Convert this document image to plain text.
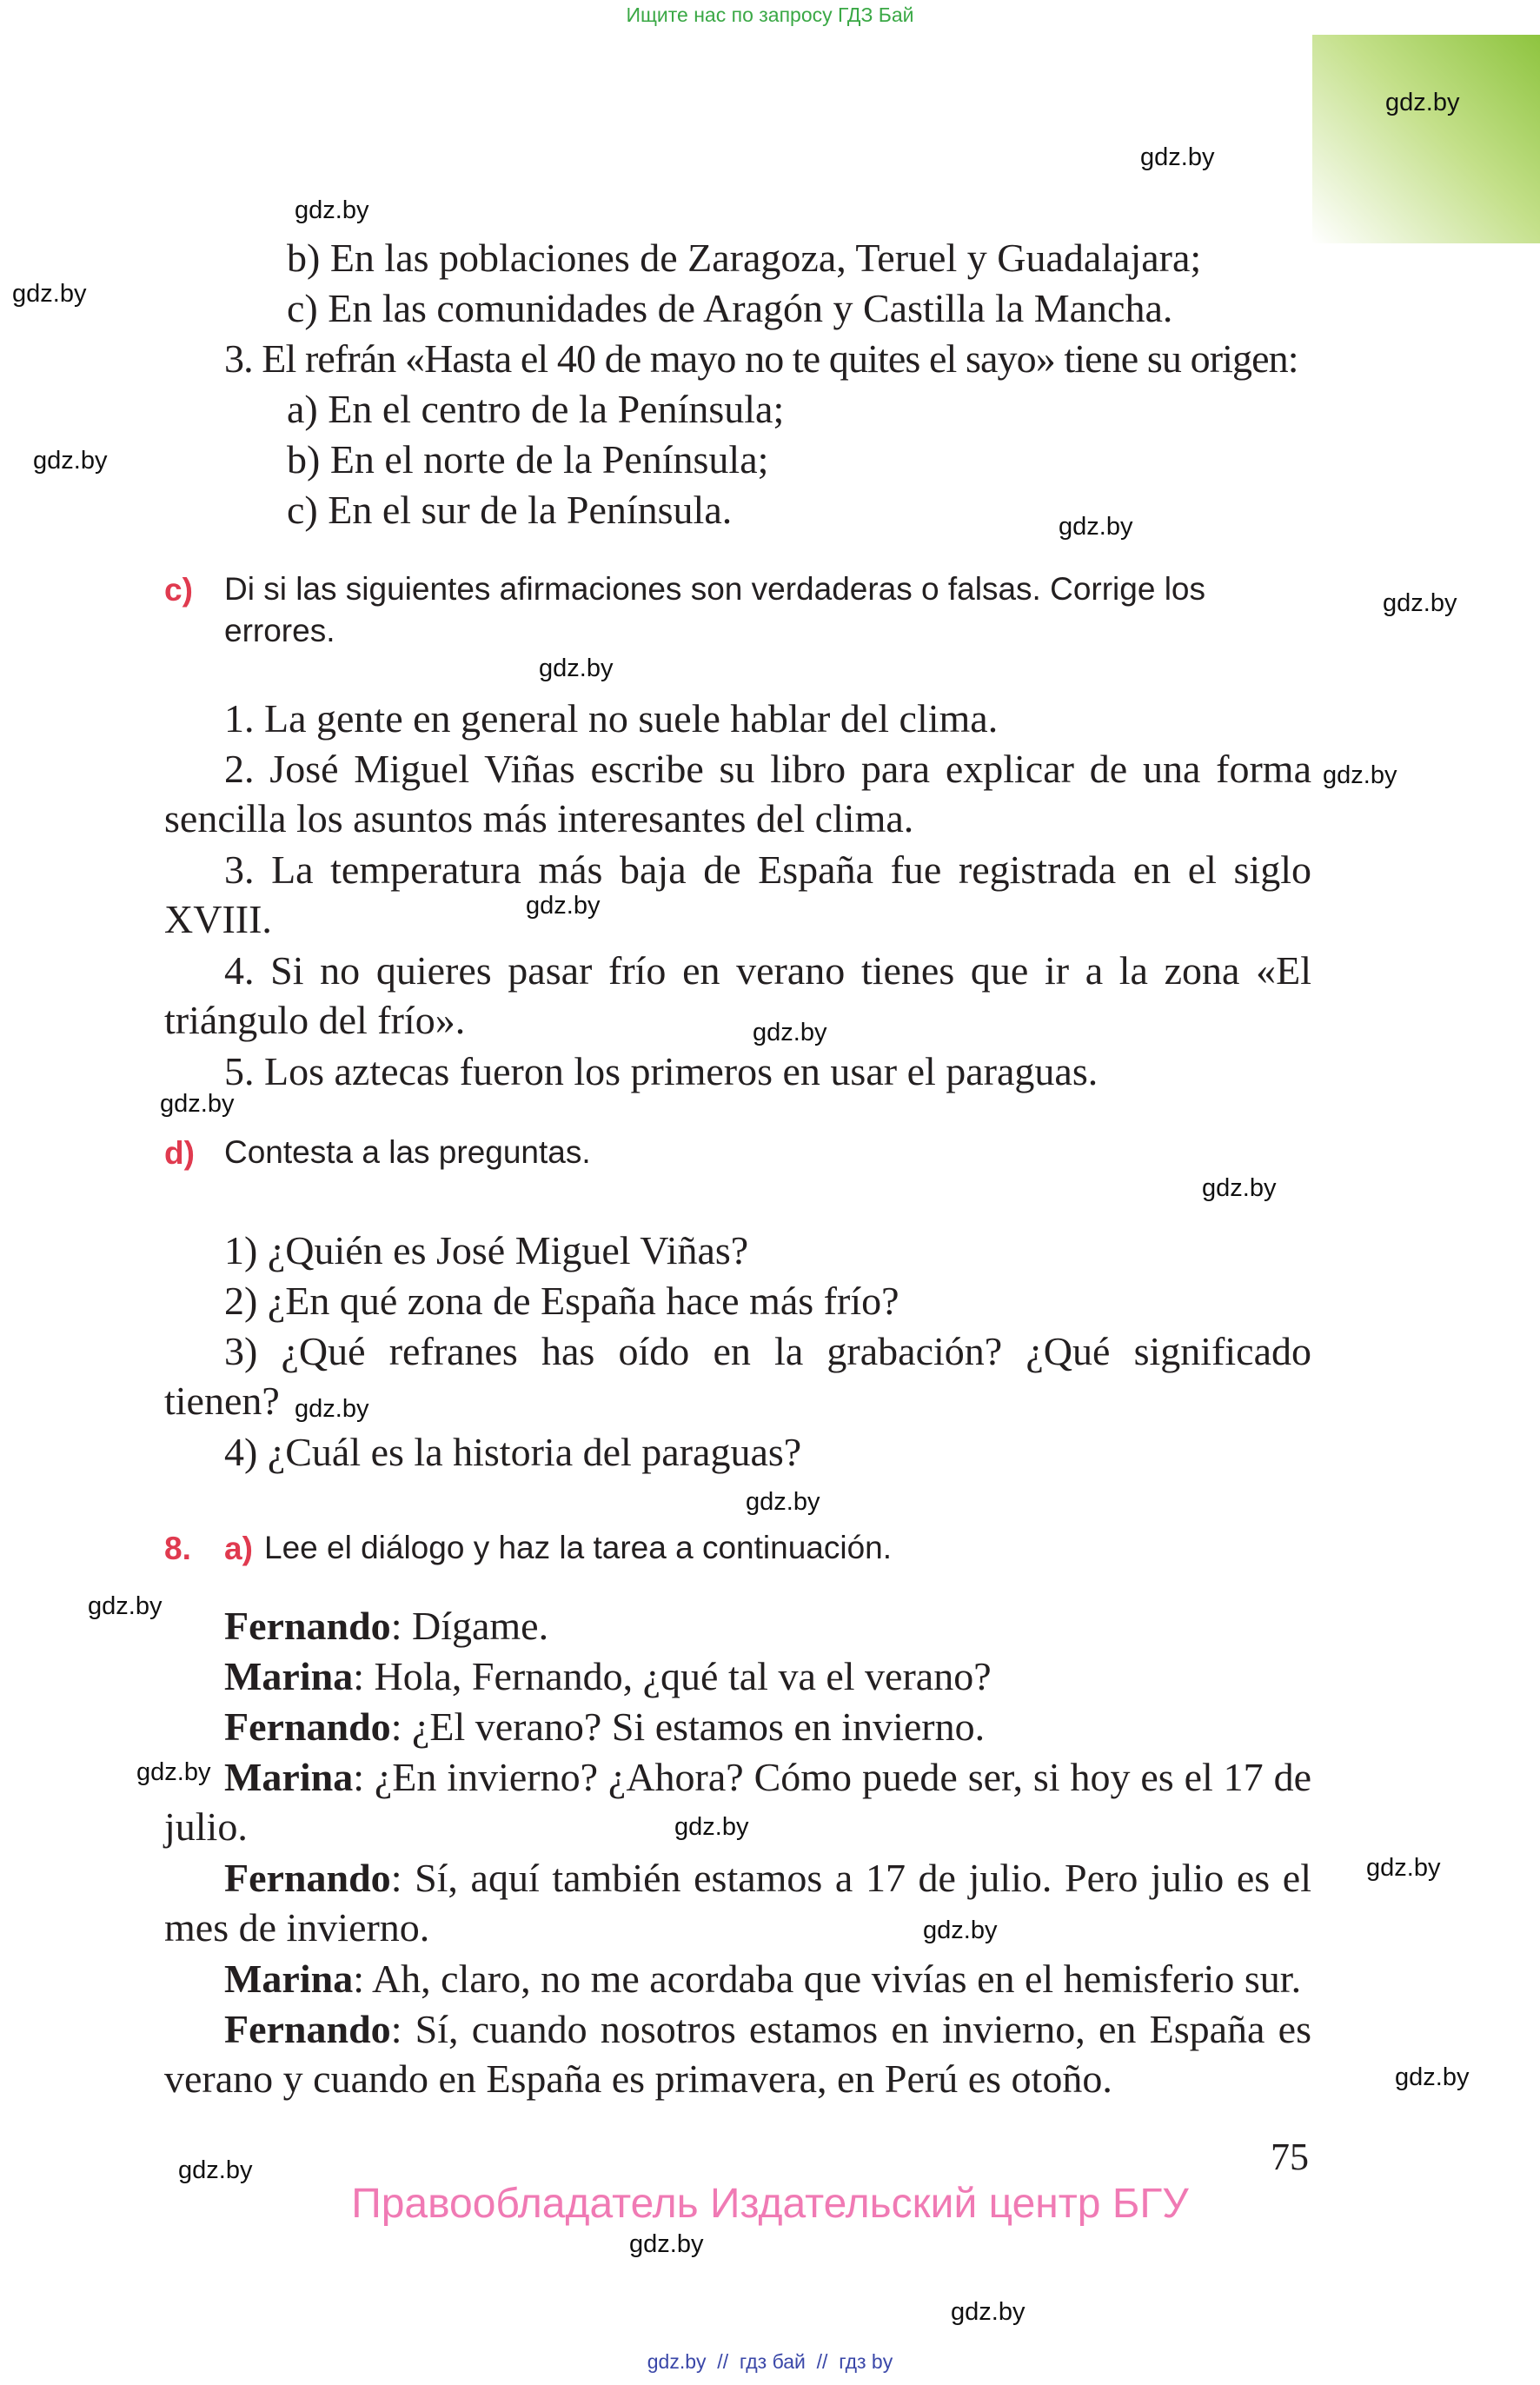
Ищите нас по запросу ГДЗ Бай
gdz.by
gdz.by
gdz.by
gdz.by
gdz.by
gdz.by
gdz.by
gdz.by
gdz.by
gdz.by
gdz.by
gdz.by
gdz.by
gdz.by
gdz.by
gdz.by
gdz.by
gdz.by
gdz.by
gdz.by
gdz.by
gdz.by
gdz.by
gdz.by
b) En las poblaciones de Zaragoza, Teruel y Guadalajara;
c) En las comunidades de Aragón y Castilla la Mancha.
3. El refrán «Hasta el 40 de mayo no te quites el sayo» tiene su origen:
a) En el centro de la Península;
b) En el norte de la Península;
c) En el sur de la Península.
c) Di si las siguientes afirmaciones son verdaderas o falsas. Corrige los
errores.
1. La gente en general no suele hablar del clima.
2. José Miguel Viñas escribe su libro para explicar de una forma sencilla los asuntos más interesantes del clima.
3. La temperatura más baja de España fue registrada en el siglo XVIII.
4. Si no quieres pasar frío en verano tienes que ir a la zona «El triángulo del frío».
5. Los aztecas fueron los primeros en usar el paraguas.
d) Contesta a las preguntas.
1) ¿Quién es José Miguel Viñas?
2) ¿En qué zona de España hace más frío?
3) ¿Qué refranes has oído en la grabación? ¿Qué significado tienen?
4) ¿Cuál es la historia del paraguas?
8. a) Lee el diálogo y haz la tarea a continuación.
Fernando: Dígame.
Marina: Hola, Fernando, ¿qué tal va el verano?
Fernando: ¿El verano? Si estamos en invierno.
Marina: ¿En invierno? ¿Ahora? Cómo puede ser, si hoy es el 17 de julio.
Fernando: Sí, aquí también estamos a 17 de julio. Pero julio es el mes de invierno.
Marina: Ah, claro, no me acordaba que vivías en el hemisferio sur.
Fernando: Sí, cuando nosotros estamos en invierno, en España es verano y cuando en España es primavera, en Perú es otoño.
75
Правообладатель Издательский центр БГУ
gdz.by  //  гдз бай  //  гдз by
